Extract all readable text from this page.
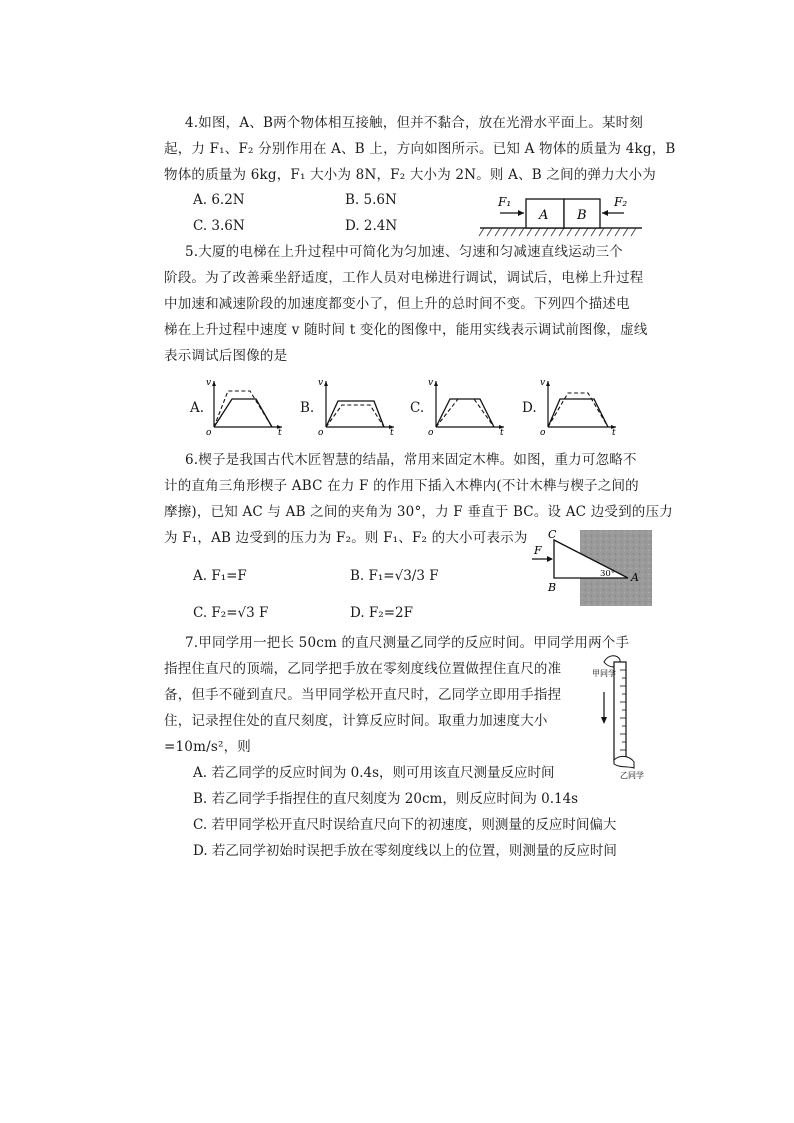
4.如图，A、B两个物体相互接触，但并不黏合，放在光滑水平面上。某时刻
起，力 F₁、F₂ 分别作用在 A、B 上，方向如图所示。已知 A 物体的质量为 4kg，B
物体的质量为 6kg，F₁ 大小为 8N，F₂ 大小为 2N。则 A、B 之间的弹力大小为
A. 6.2N	B. 5.6N
C. 3.6N	D. 2.4N
A B
F₁	F₂
5.大厦的电梯在上升过程中可简化为匀加速、匀速和匀减速直线运动三个
阶段。为了改善乘坐舒适度，工作人员对电梯进行调试，调试后，电梯上升过程
中加速和减速阶段的加速度都变小了，但上升的总时间不变。下列四个描述电
梯在上升过程中速度 v 随时间 t 变化的图像中，能用实线表示调试前图像，虚线
表示调试后图像的是
A.
v
o	t
B.
v
o	t
C.
v
o	t
D.
v
o	t
6.楔子是我国古代木匠智慧的结晶，常用来固定木榫。如图，重力可忽略不
计的直角三角形楔子 ABC 在力 F 的作用下插入木榫内(不计木榫与楔子之间的
摩擦)，已知 AC 与 AB 之间的夹角为 30°，力 F 垂直于 BC。设 AC 边受到的压力
为 F₁，AB 边受到的压力为 F₂。则 F₁、F₂ 的大小可表示为
A. F₁=F	B. F₁=√3/3 F
C. F₂=√3 F	D. F₂=2F
F
C
B
A
30°
7.甲同学用一把长 50cm 的直尺测量乙同学的反应时间。甲同学用两个手
指捏住直尺的顶端，乙同学把手放在零刻度线位置做捏住直尺的准
备，但手不碰到直尺。当甲同学松开直尺时，乙同学立即用手指捏
住，记录捏住处的直尺刻度，计算反应时间。取重力加速度大小
=10m/s²，则
A. 若乙同学的反应时间为 0.4s，则可用该直尺测量反应时间
B. 若乙同学手指捏住的直尺刻度为 20cm，则反应时间为 0.14s
C. 若甲同学松开直尺时误给直尺向下的初速度，则测量的反应时间偏大
D. 若乙同学初始时误把手放在零刻度线以上的位置，则测量的反应时间
甲同学
乙同学
